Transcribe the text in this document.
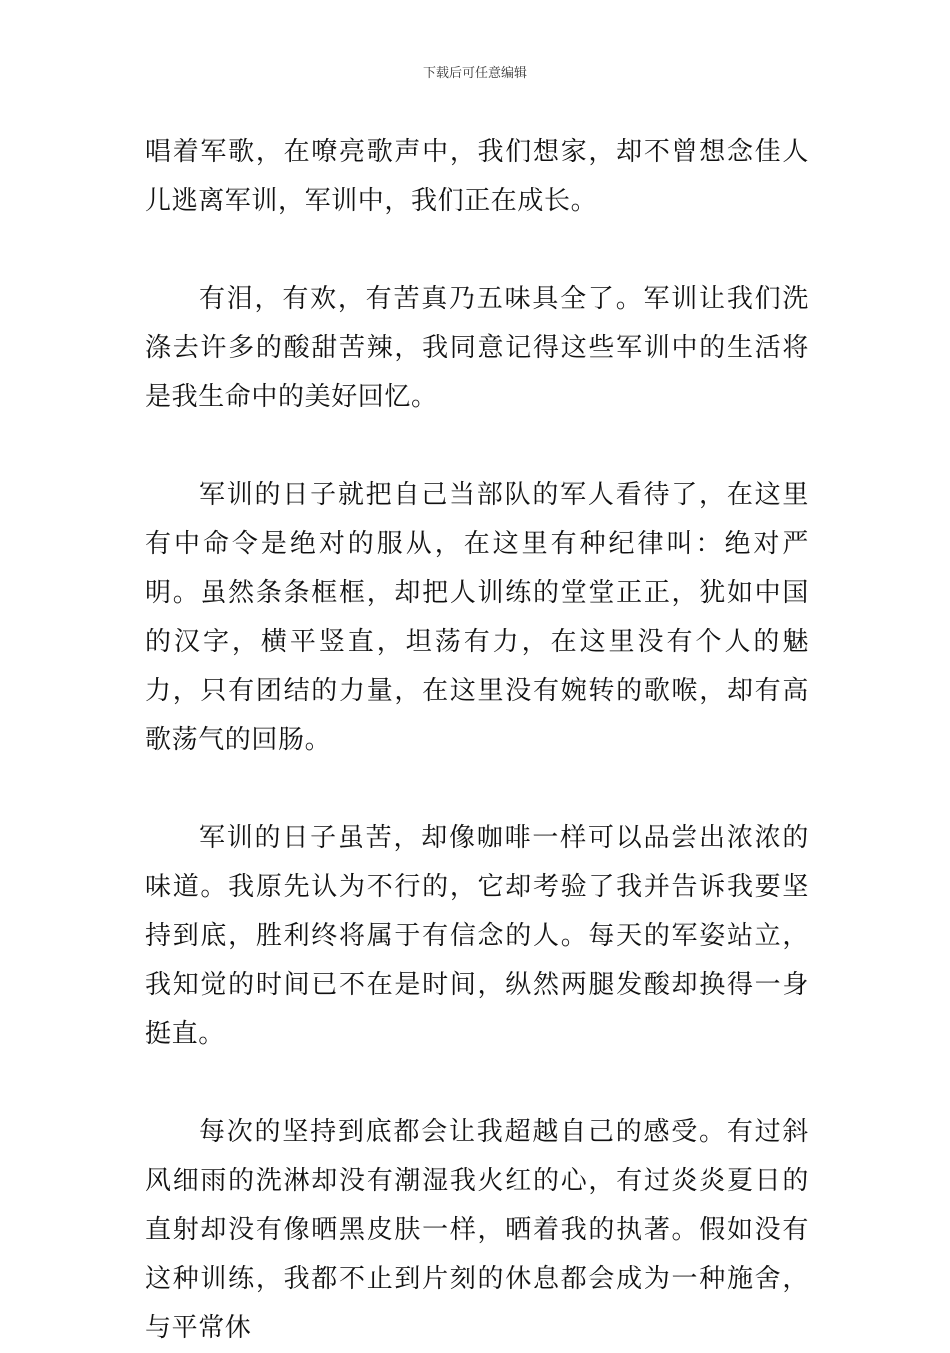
下载后可任意编辑

唱着军歌，在嘹亮歌声中，我们想家，却不曾想念佳人儿逃离军训，军训中，我们正在成长。

有泪，有欢，有苦真乃五味具全了。军训让我们洗涤去许多的酸甜苦辣，我同意记得这些军训中的生活将是我生命中的美好回忆。

军训的日子就把自己当部队的军人看待了，在这里有中命令是绝对的服从，在这里有种纪律叫：绝对严明。虽然条条框框，却把人训练的堂堂正正，犹如中国的汉字，横平竖直，坦荡有力，在这里没有个人的魅力，只有团结的力量，在这里没有婉转的歌喉，却有高歌荡气的回肠。

军训的日子虽苦，却像咖啡一样可以品尝出浓浓的味道。我原先认为不行的，它却考验了我并告诉我要坚持到底，胜利终将属于有信念的人。每天的军姿站立，我知觉的时间已不在是时间，纵然两腿发酸却换得一身挺直。

每次的坚持到底都会让我超越自己的感受。有过斜风细雨的洗淋却没有潮湿我火红的心，有过炎炎夏日的直射却没有像晒黑皮肤一样，晒着我的执著。假如没有这种训练，我都不止到片刻的休息都会成为一种施舍，与平常休
